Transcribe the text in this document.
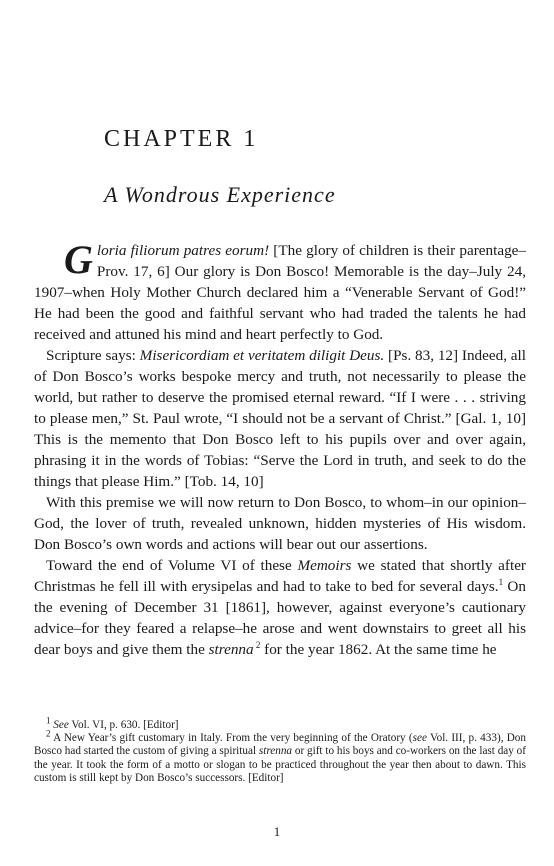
CHAPTER 1
A Wondrous Experience

Gloria filiorum patres eorum! [The glory of children is their parentage–Prov. 17, 6] Our glory is Don Bosco! Memorable is the day–July 24, 1907–when Holy Mother Church declared him a “Venerable Servant of God!” He had been the good and faithful servant who had traded the talents he had received and attuned his mind and heart perfectly to God.

Scripture says: Misericordiam et veritatem diligit Deus. [Ps. 83, 12] Indeed, all of Don Bosco’s works bespoke mercy and truth, not necessarily to please the world, but rather to deserve the promised eternal reward. “If I were . . . striving to please men,” St. Paul wrote, “I should not be a servant of Christ.” [Gal. 1, 10] This is the memento that Don Bosco left to his pupils over and over again, phrasing it in the words of Tobias: “Serve the Lord in truth, and seek to do the things that please Him.” [Tob. 14, 10]

With this premise we will now return to Don Bosco, to whom–in our opinion–God, the lover of truth, revealed unknown, hidden mysteries of His wisdom. Don Bosco’s own words and actions will bear out our assertions.

Toward the end of Volume VI of these Memoirs we stated that shortly after Christmas he fell ill with erysipelas and had to take to bed for several days.$^1$ On the evening of December 31 [1861], however, against everyone’s cautionary advice–for they feared a relapse–he arose and went downstairs to greet all his dear boys and give them the strenna $^2$ for the year 1862. At the same time he

$^1$ See Vol. VI, p. 630. [Editor]

$^2$ A New Year’s gift customary in Italy. From the very beginning of the Oratory (see Vol. III, p. 433), Don Bosco had started the custom of giving a spiritual strenna or gift to his boys and co-workers on the last day of the year. It took the form of a motto or slogan to be practiced throughout the year then about to dawn. This custom is still kept by Don Bosco’s successors. [Editor]

1
